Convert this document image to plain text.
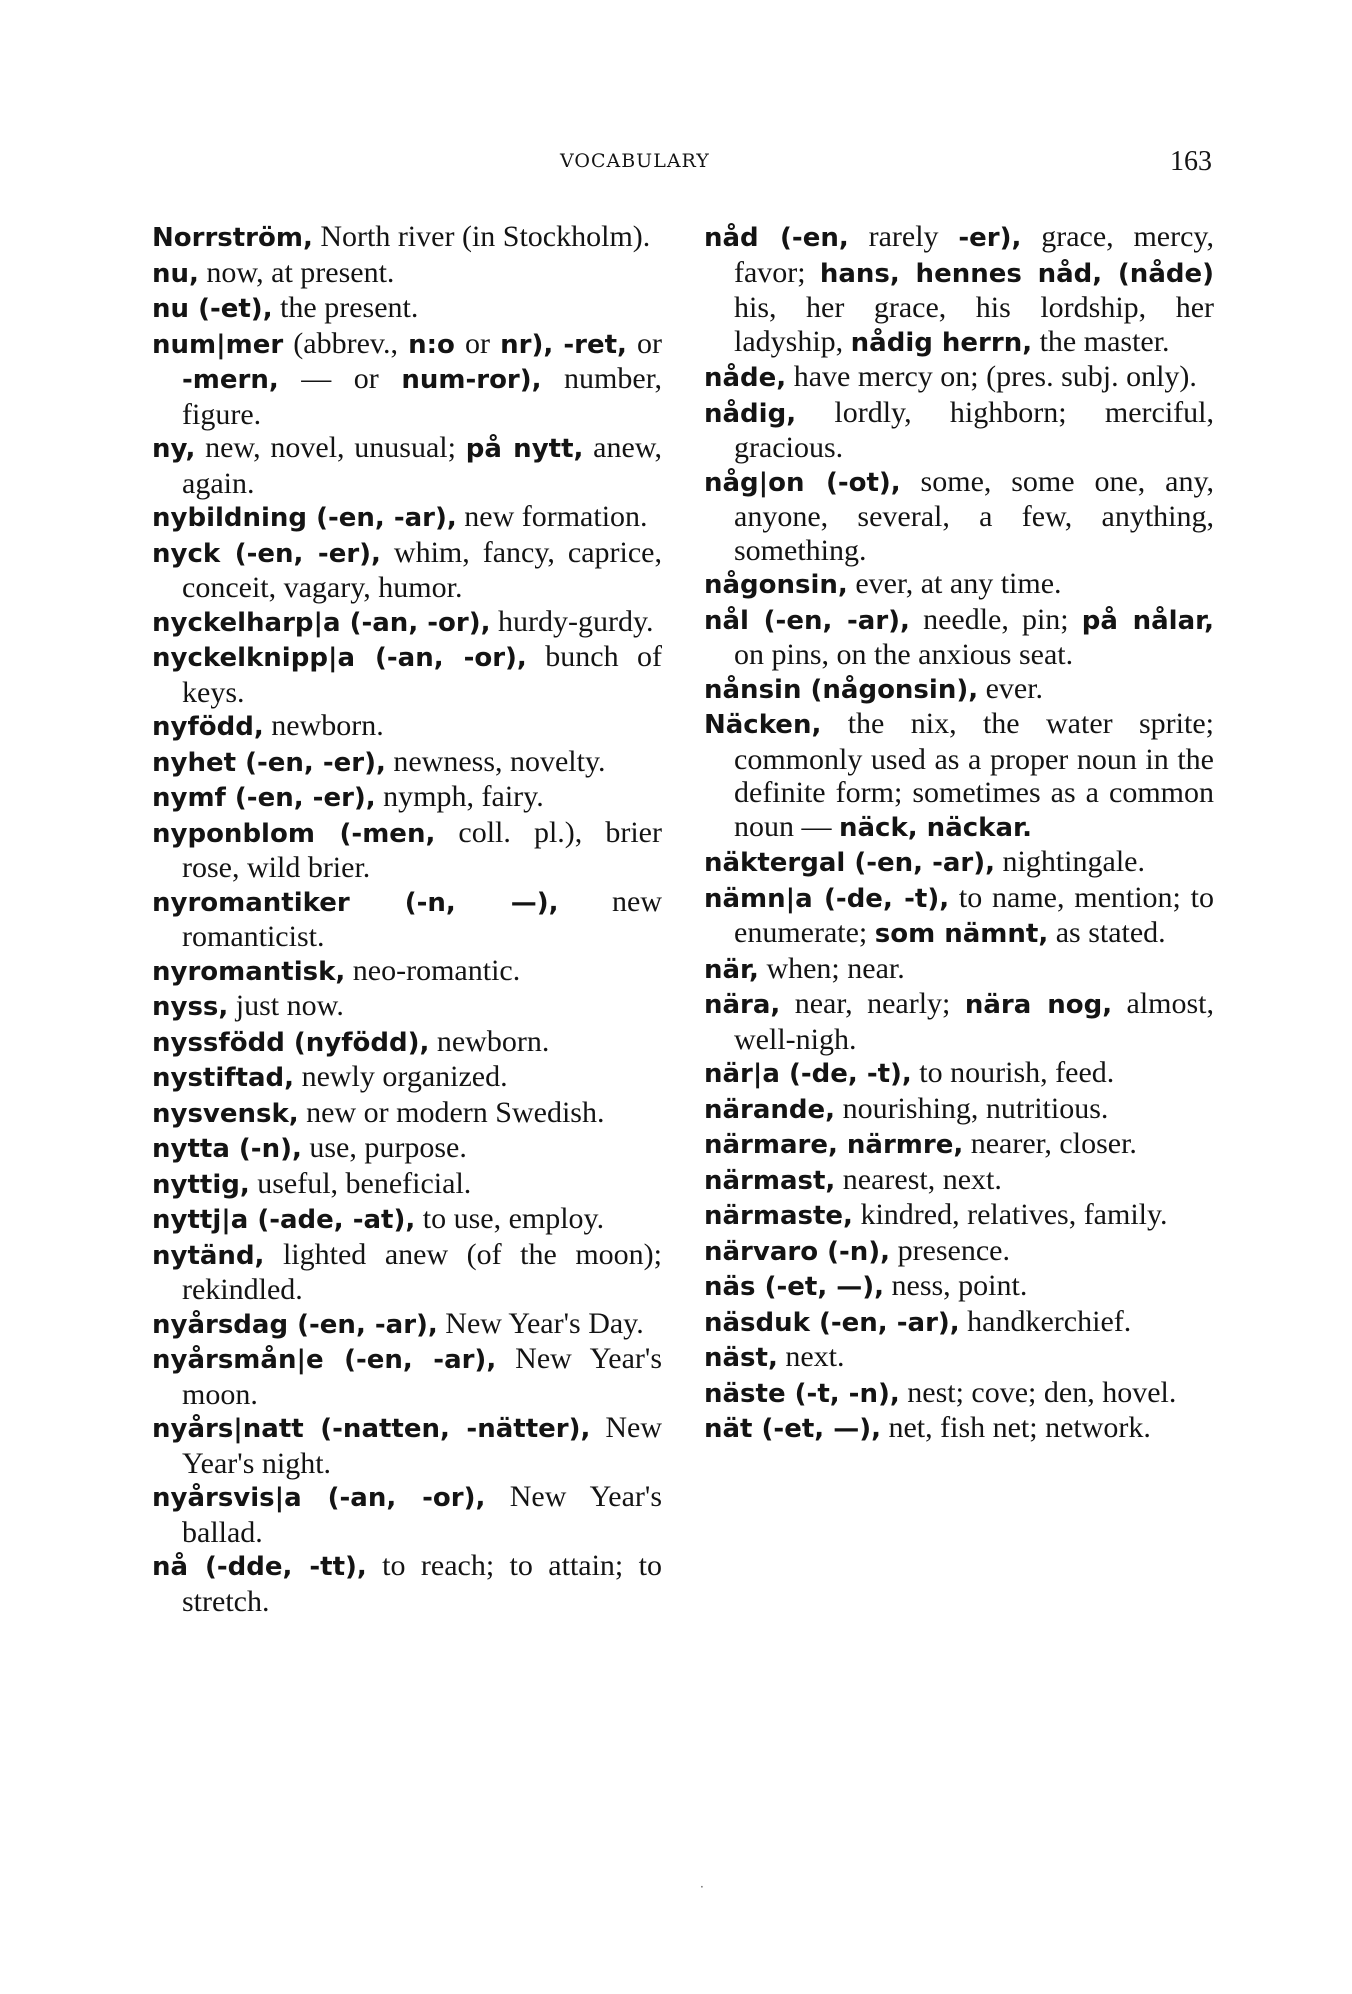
VOCABULARY	163

Norrström, North river (in Stockholm).

nu, now, at present.

nu (-et), the present.

num|mer (abbrev., n:o or nr), -ret, or -mern, — or num-ror), number, figure.

ny, new, novel, unusual; på nytt, anew, again.

nybildning (-en, -ar), new formation.

nyck (-en, -er), whim, fancy, caprice, conceit, vagary, humor.

nyckelharp|a (-an, -or), hurdy-gurdy.

nyckelknipp|a (-an, -or), bunch of keys.

nyfödd, newborn.

nyhet (-en, -er), newness, novelty.

nymf (-en, -er), nymph, fairy.

nyponblom (-men, coll. pl.), brier rose, wild brier.

nyromantiker (-n, —), new romanticist.

nyromantisk, neo-romantic.

nyss, just now.

nyssfödd (nyfödd), newborn.

nystiftad, newly organized.

nysvensk, new or modern Swedish.

nytta (-n), use, purpose.

nyttig, useful, beneficial.

nyttj|a (-ade, -at), to use, employ.

nytänd, lighted anew (of the moon); rekindled.

nyårsdag (-en, -ar), New Year's Day.

nyårsmån|e (-en, -ar), New Year's moon.

nyårs|natt (-natten, -nätter), New Year's night.

nyårsvis|a (-an, -or), New Year's ballad.

nå (-dde, -tt), to reach; to attain; to stretch.

nåd (-en, rarely -er), grace, mercy, favor; hans, hennes nåd, (nåde) his, her grace, his lordship, her ladyship, nådig herrn, the master.

nåde, have mercy on; (pres. subj. only).

nådig, lordly, highborn; merciful, gracious.

någ|on (-ot), some, some one, any, anyone, several, a few, anything, something.

någonsin, ever, at any time.

nål (-en, -ar), needle, pin; på nålar, on pins, on the anxious seat.

nånsin (någonsin), ever.

Näcken, the nix, the water sprite; commonly used as a proper noun in the definite form; sometimes as a common noun — näck, näckar.

näktergal (-en, -ar), nightingale.

nämn|a (-de, -t), to name, mention; to enumerate; som nämnt, as stated.

när, when; near.

nära, near, nearly; nära nog, almost, well-nigh.

när|a (-de, -t), to nourish, feed.

närande, nourishing, nutritious.

närmare, närmre, nearer, closer.

närmast, nearest, next.

närmaste, kindred, relatives, family.

närvaro (-n), presence.

näs (-et, —), ness, point.

näsduk (-en, -ar), handkerchief.

näst, next.

näste (-t, -n), nest; cove; den, hovel.

nät (-et, —), net, fish net; network.

·
